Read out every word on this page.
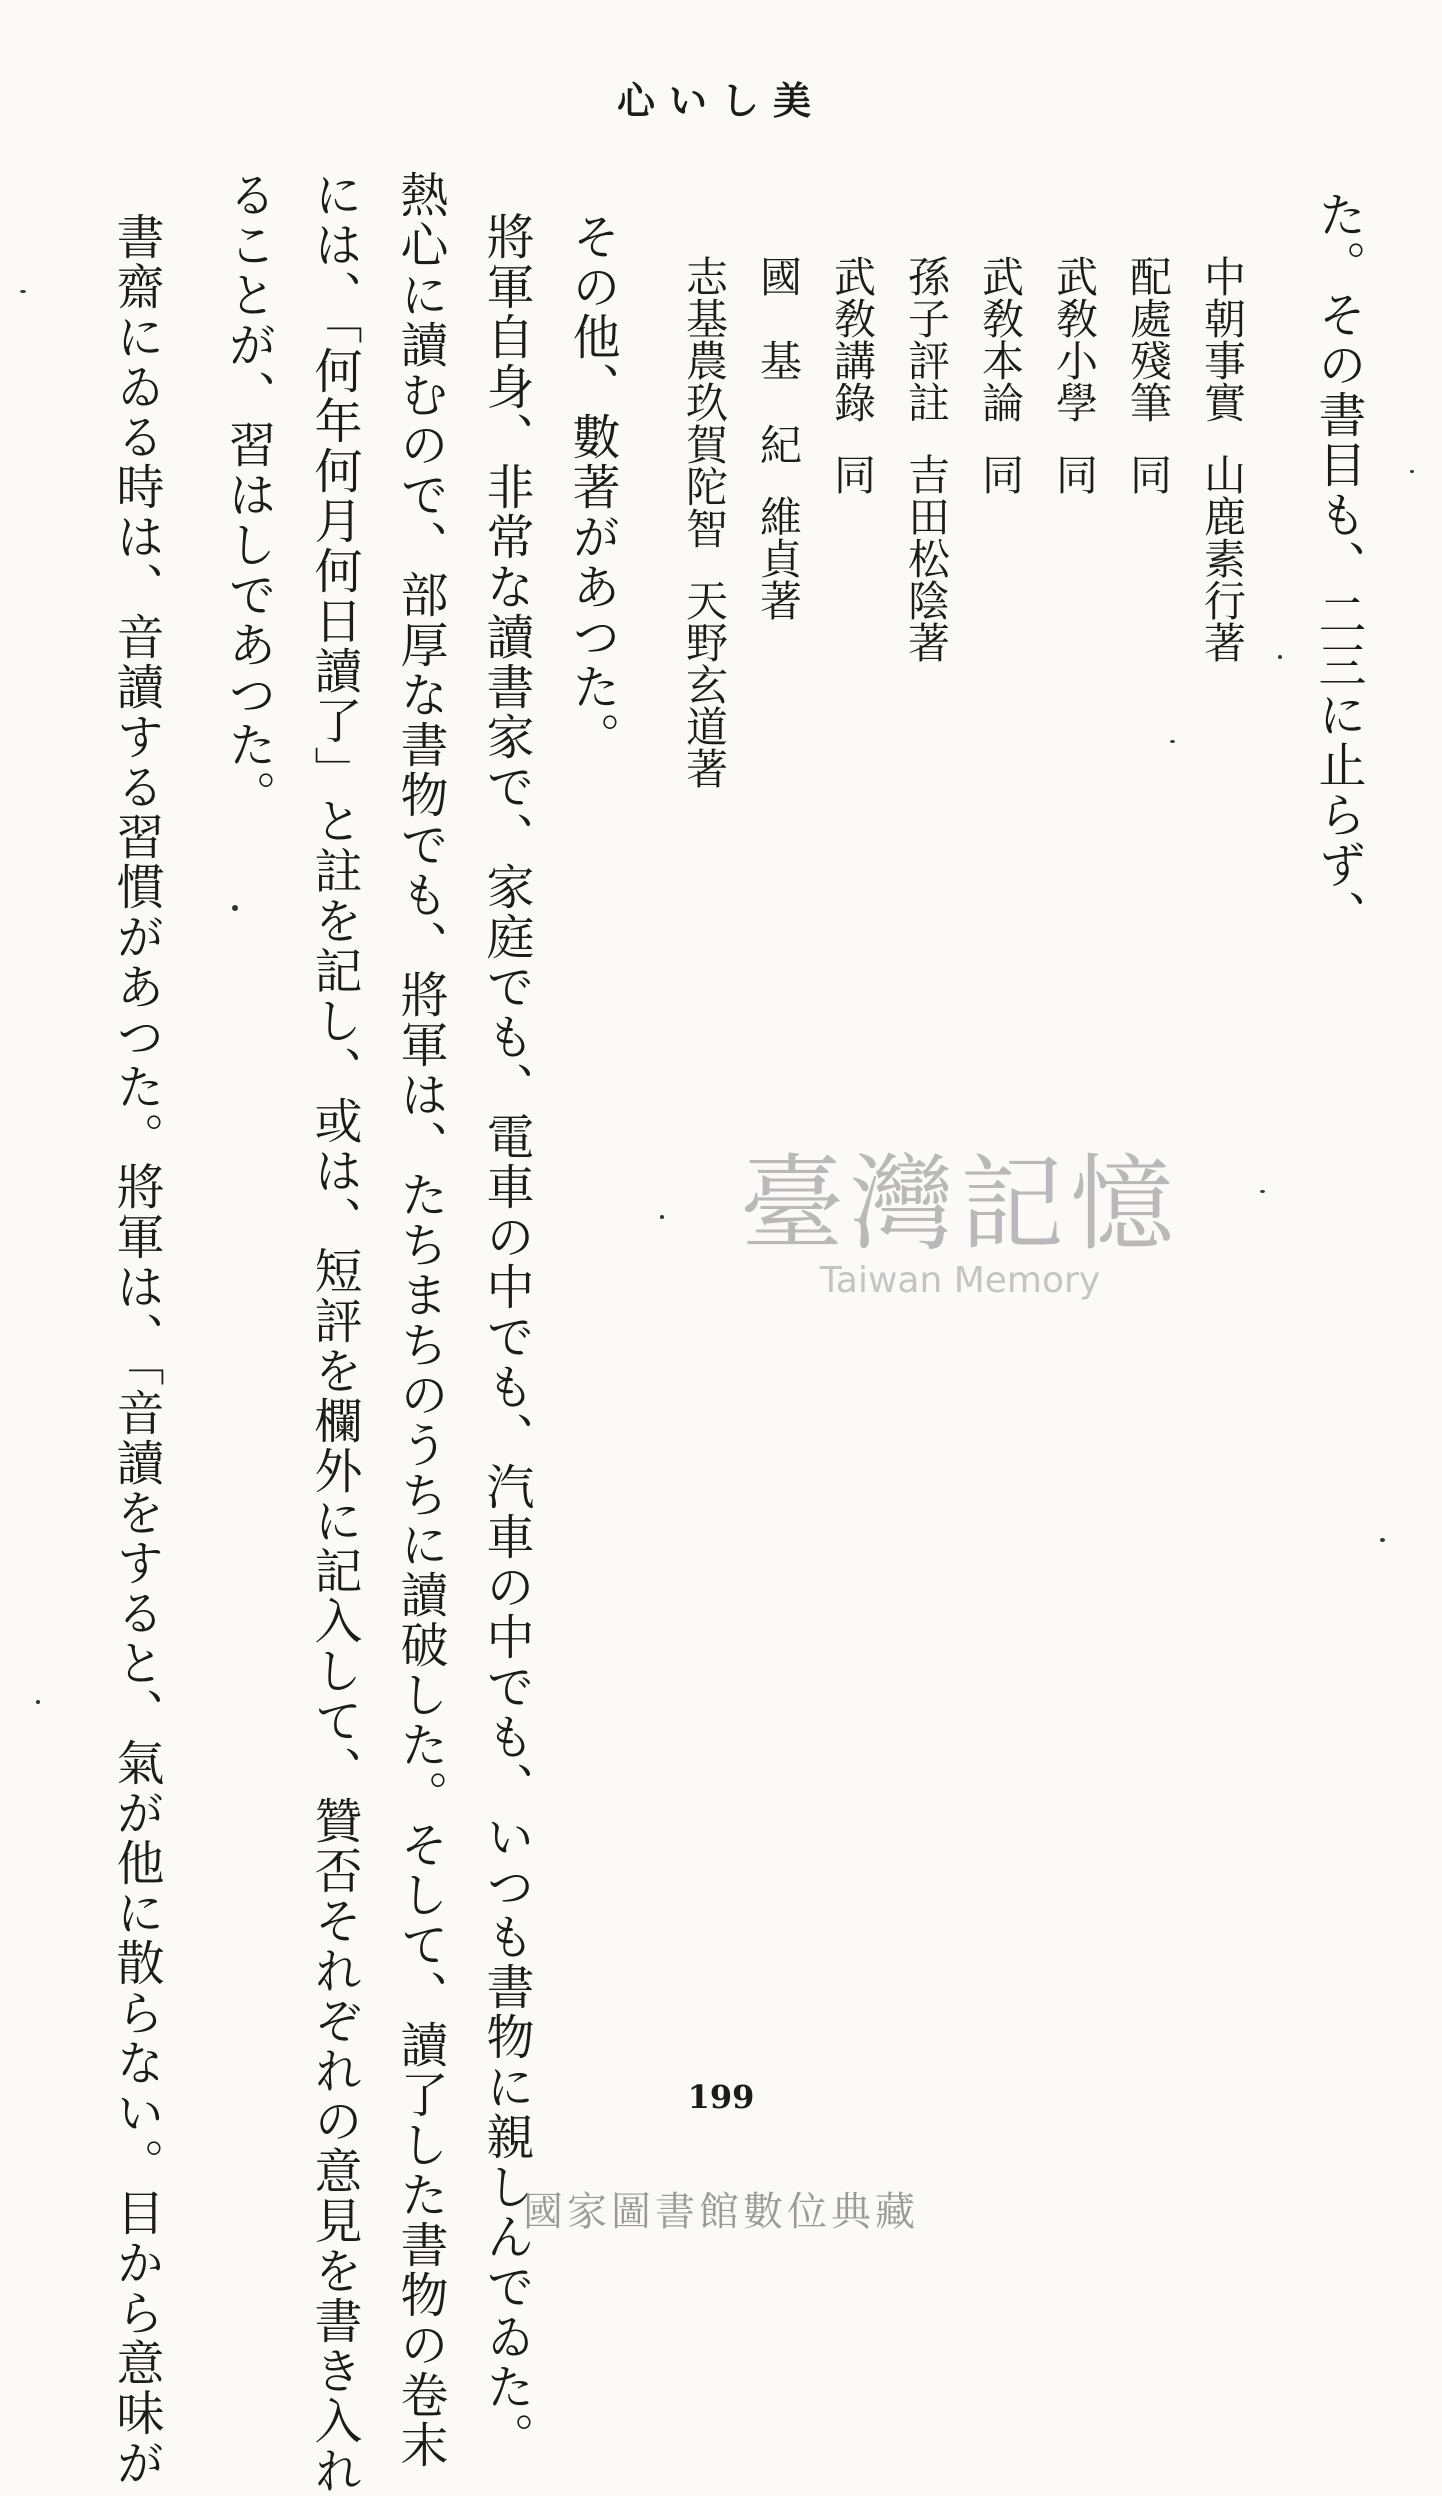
美しい心
た。その書目も、二三に止らず、
中朝事實山鹿素行著
配處殘筆同
武敎小學同
武敎本論同
孫子評註吉田松陰著
武敎講錄同
國　基　紀維貞著
志基農玖賀陀智天野玄道著
その他、數著があつた。
將軍自身、非常な讀書家で、家庭でも、電車の中でも、汽車の中でも、いつも書物に親しんでゐた。
熱心に讀むので、部厚な書物でも、將軍は、たちまちのうちに讀破した。そして、讀了した書物の卷末
には、「何年何月何日讀了」と註を記し、或は、短評を欄外に記入して、贊否それぞれの意見を書き入れ
ることが、習はしであつた。
書齋にゐる時は、音讀する習慣があつた。將軍は、「音讀をすると、氣が他に散らない。目から意味が	臺灣記憶
Taiwan Memory
199
國家圖書館數位典藏
